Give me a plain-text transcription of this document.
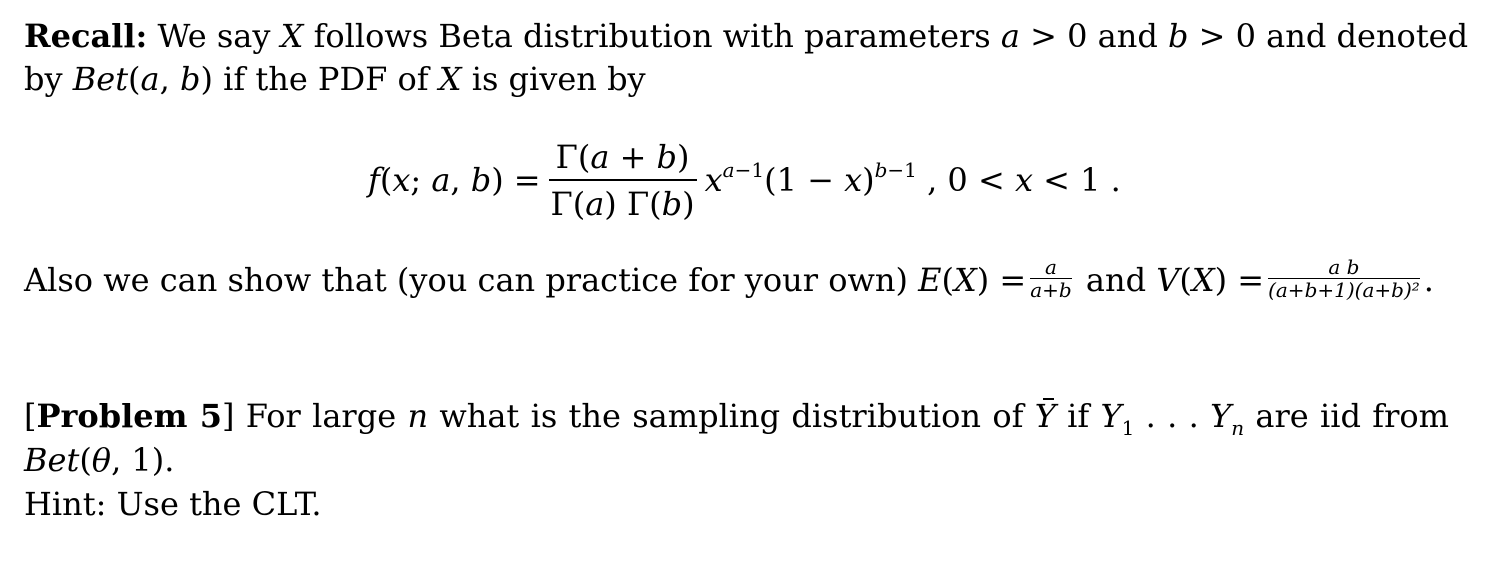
Recall: We say X follows Beta distribution with parameters a > 0 and b > 0 and denoted
by Bet(a, b) if the PDF of X is given by
f(x; a, $b) = \frac{\Gamma(a + b)}{\Gamma(a) \Gamma(b)} x^{a-1}(1 - x)^{b-1}$ , 0 < x < 1 .
Also we can show that (you can practice for your own) $E(X) = \frac{a}{a+b}$ and $V(X) = \frac{\text{a b}}{\text{(a+b+1)(a+b)²}}$ .
[Problem 5] For large n what is the sampling distribution of Y if $Y_1$ . . . $Y_n$ are iid from
Bet(θ, 1).
Hint: Use the CLT.
